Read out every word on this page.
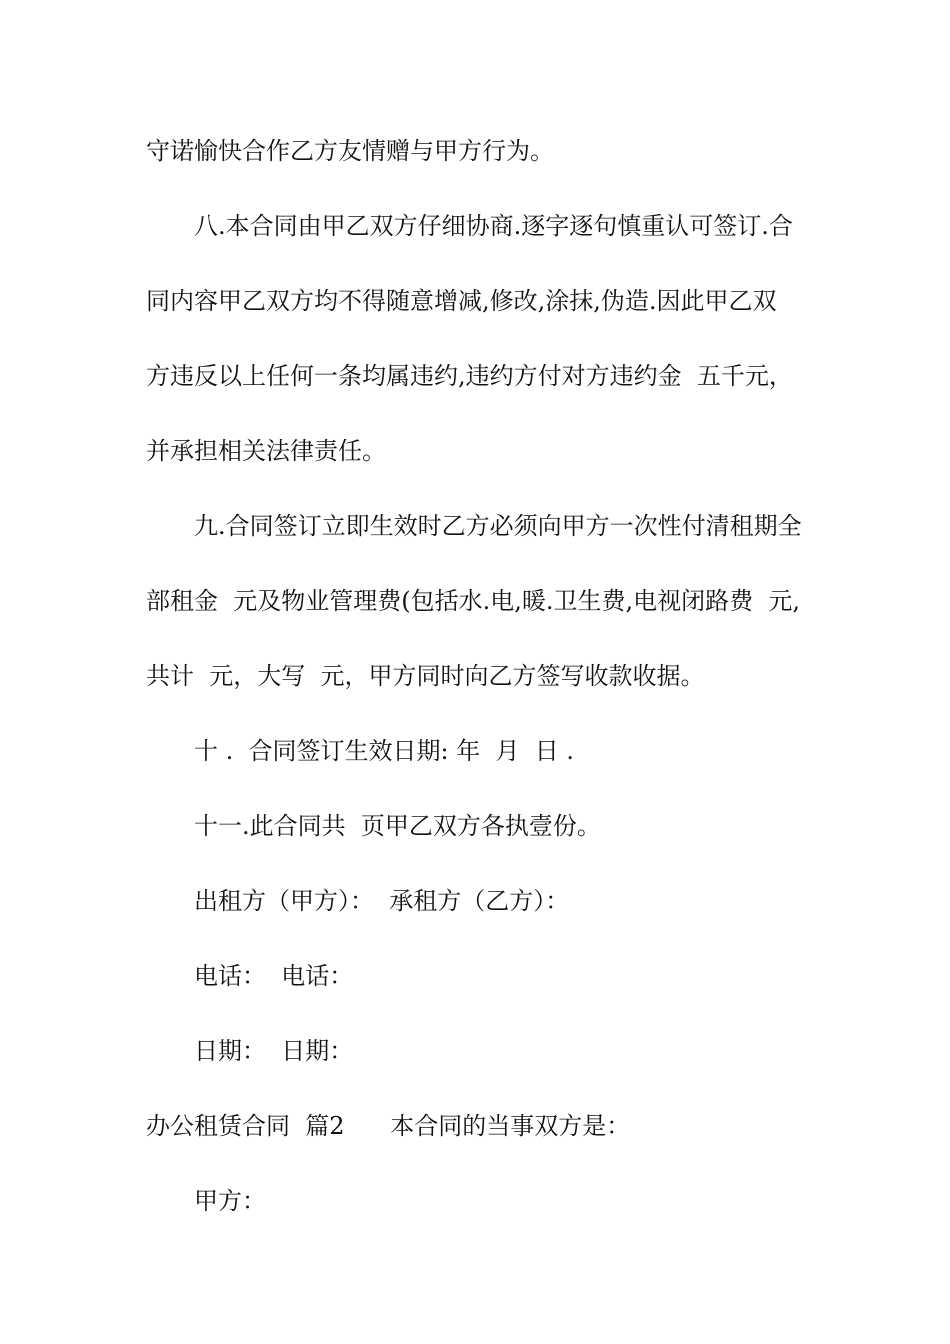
守诺愉快合作乙方友情赠与甲方行为。
八.本合同由甲乙双方仔细协商.逐字逐句慎重认可签订.合
同内容甲乙双方均不得随意增减,修改,涂抹,伪造.因此甲乙双
方违反以上任何一条均属违约,违约方付对方违约金  五千元，
并承担相关法律责任。
九.合同签订立即生效时乙方必须向甲方一次性付清租期全
部租金  元及物业管理费(包括水.电,暖.卫生费,电视闭路费  元,
共计  元，大写  元，甲方同时向乙方签写收款收据。
十 .  合同签订生效日期: 年  月  日 .
十一.此合同共  页甲乙双方各执壹份。
出租方（甲方）：  承租方（乙方）：
电话：  电话：
日期：  日期：
办公租赁合同  篇2      本合同的当事双方是：
甲方：
